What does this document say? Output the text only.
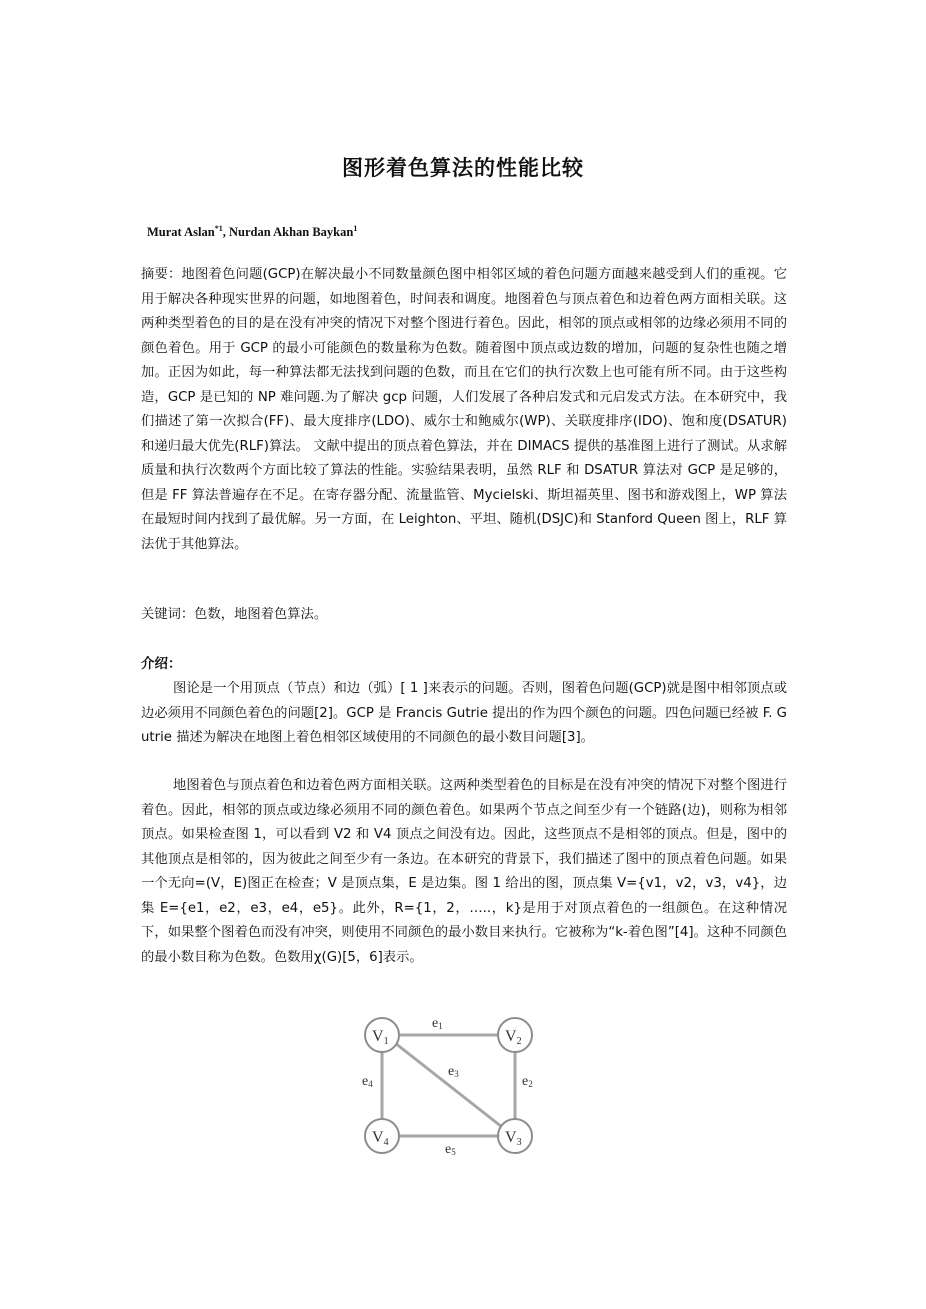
图形着色算法的性能比较
Murat Aslan$^{*1}$, Nurdan Akhan Baykan$^1$
摘要：地图着色问题(GCP)在解决最小不同数量颜色图中相邻区域的着色问题方面越来越受到人们的重视。它用于解决各种现实世界的问题，如地图着色，时间表和调度。地图着色与顶点着色和边着色两方面相关联。这两种类型着色的目的是在没有冲突的情况下对整个图进行着色。因此，相邻的顶点或相邻的边缘必须用不同的颜色着色。用于 GCP 的最小可能颜色的数量称为色数。随着图中顶点或边数的增加，问题的复杂性也随之增加。正因为如此，每一种算法都无法找到问题的色数，而且在它们的执行次数上也可能有所不同。由于这些构造，GCP 是已知的 NP 难问题.为了解决 gcp 问题，人们发展了各种启发式和元启发式方法。在本研究中，我们描述了第一次拟合(FF)、最大度排序(LDO)、威尔士和鲍威尔(WP)、关联度排序(IDO)、饱和度(DSATUR)和递归最大优先(RLF)算法。 文献中提出的顶点着色算法，并在 DIMACS 提供的基准图上进行了测试。从求解质量和执行次数两个方面比较了算法的性能。实验结果表明，虽然 RLF 和 DSATUR 算法对 GCP 是足够的，但是 FF 算法普遍存在不足。在寄存器分配、流量监管、Mycielski、斯坦福英里、图书和游戏图上，WP 算法在最短时间内找到了最优解。另一方面，在 Leighton、平坦、随机(DSJC)和 Stanford Queen 图上，RLF 算法优于其他算法。
关键词：色数，地图着色算法。
介绍：
图论是一个用顶点（节点）和边（弧）[ 1 ]来表示的问题。否则，图着色问题(GCP)就是图中相邻顶点或边必须用不同颜色着色的问题[2]。GCP 是 Francis Gutrie 提出的作为四个颜色的问题。四色问题已经被 F. Gutrie 描述为解决在地图上着色相邻区域使用的不同颜色的最小数目问题[3]。
地图着色与顶点着色和边着色两方面相关联。这两种类型着色的目标是在没有冲突的情况下对整个图进行着色。因此，相邻的顶点或边缘必须用不同的颜色着色。如果两个节点之间至少有一个链路(边)，则称为相邻顶点。如果检查图 1，可以看到 V2 和 V4 顶点之间没有边。因此，这些顶点不是相邻的顶点。但是，图中的其他顶点是相邻的，因为彼此之间至少有一条边。在本研究的背景下，我们描述了图中的顶点着色问题。如果一个无向=(V，E)图正在检查；V 是顶点集，E 是边集。图 1 给出的图，顶点集 V={v1，v2，v3，v4}，边集 E={e1，e2，e3，e4，e5}。此外，R={1，2，…..，k}是用于对顶点着色的一组颜色。在这种情况下，如果整个图着色而没有冲突，则使用不同颜色的最小数目来执行。它被称为“k-着色图”[4]。这种不同颜色的最小数目称为色数。色数用χ(G)[5，6]表示。
V1	V2
V3
V4
e1
e2
e3
e4
e5
